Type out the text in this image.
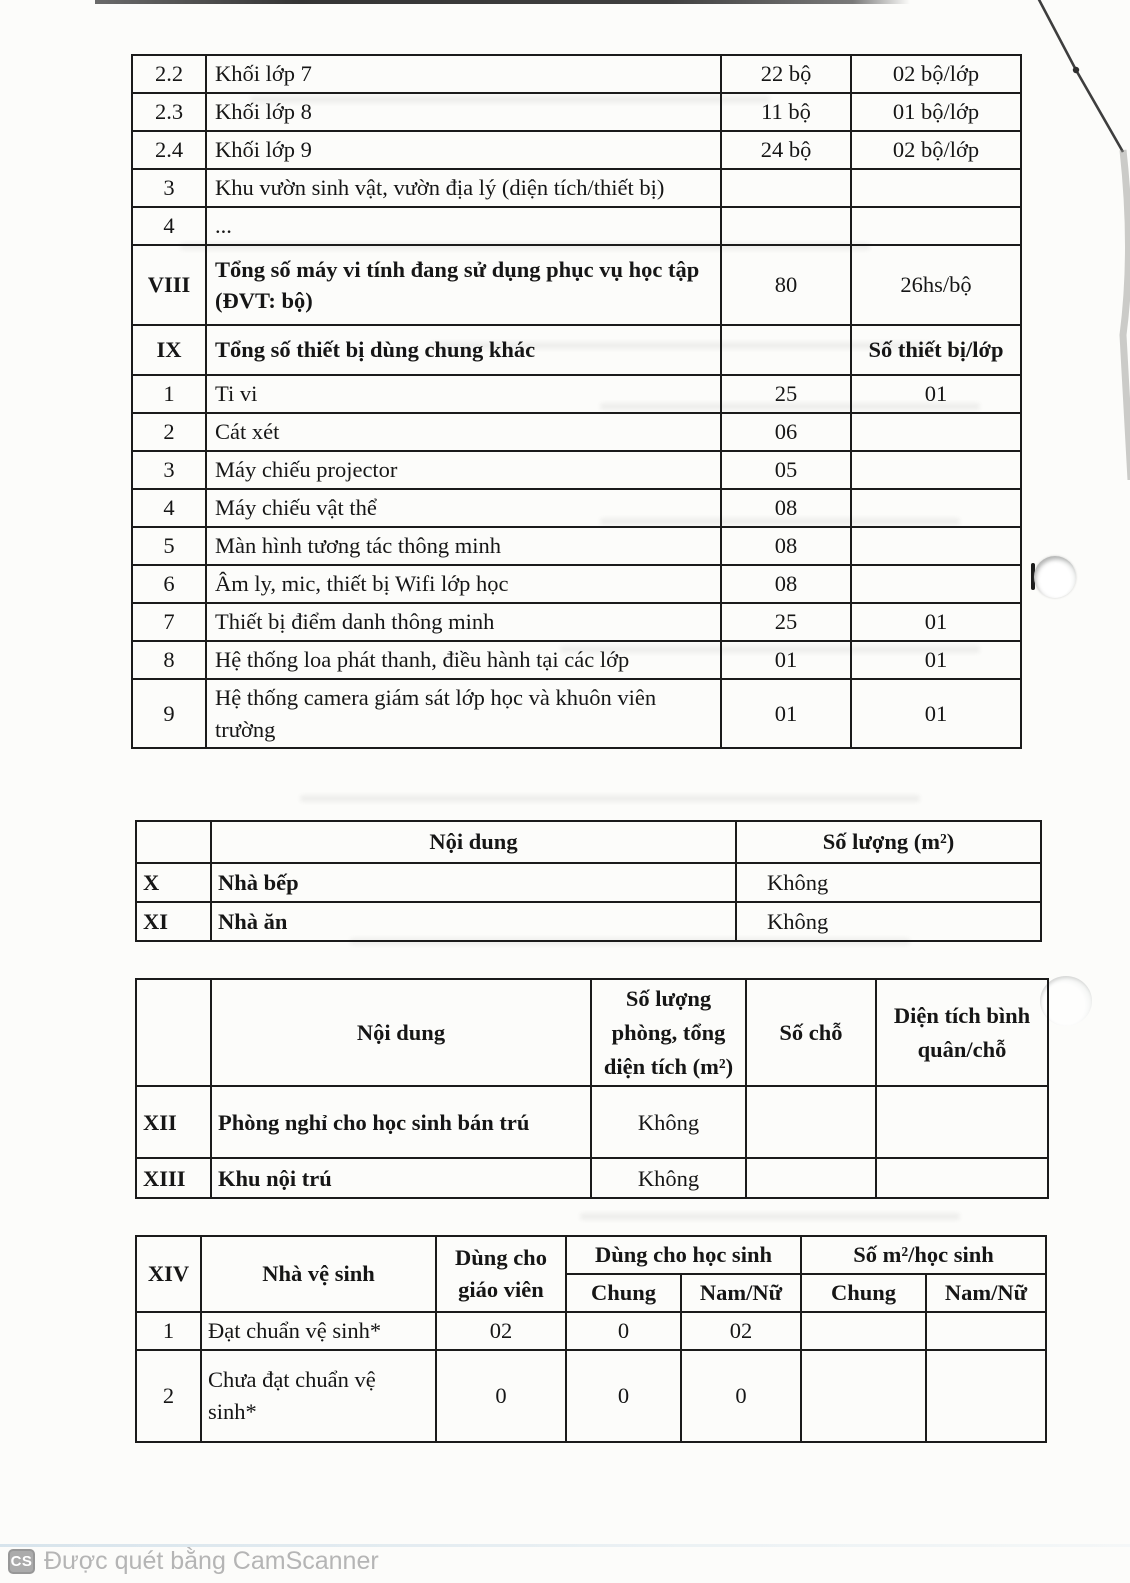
2.2	Khối lớp 7	22 bộ	02 bộ/lớp
2.3	Khối lớp 8	11 bộ	01 bộ/lớp
2.4	Khối lớp 9	24 bộ	02 bộ/lớp
3	Khu vườn sinh vật, vườn địa lý (diện tích/thiết bị)		
4	...		
VIII	Tổng số máy vi tính đang sử dụng phục vụ học tập (ĐVT: bộ)	80	26hs/bộ
IX	Tổng số thiết bị dùng chung khác		Số thiết bị/lớp
1	Ti vi	25	01
2	Cát xét	06	
3	Máy chiếu projector	05	
4	Máy chiếu vật thể	08	
5	Màn hình tương tác thông minh	08	
6	Âm ly, mic, thiết bị Wifi lớp học	08	
7	Thiết bị điểm danh thông minh	25	01
8	Hệ thống loa phát thanh, điều hành tại các lớp	01	01
9	Hệ thống camera giám sát lớp học và khuôn viên trường	01	01
	Nội dung	Số lượng (m²)
X	Nhà bếp	Không
XI	Nhà ăn	Không
	Nội dung	Số lượng phòng, tổng diện tích (m²)	Số chỗ	Diện tích bình quân/chỗ
XII	Phòng nghỉ cho học sinh bán trú	Không		
XIII	Khu nội trú	Không		
XIV	Nhà vệ sinh	Dùng cho giáo viên	Dùng cho học sinh		Số m²/học sinh	
			Chung	Nam/Nữ	Chung	Nam/Nữ
1	Đạt chuẩn vệ sinh*	02	0	02		
2	Chưa đạt chuẩn vệ sinh*	0	0	0		
CS Được quét bằng CamScanner
